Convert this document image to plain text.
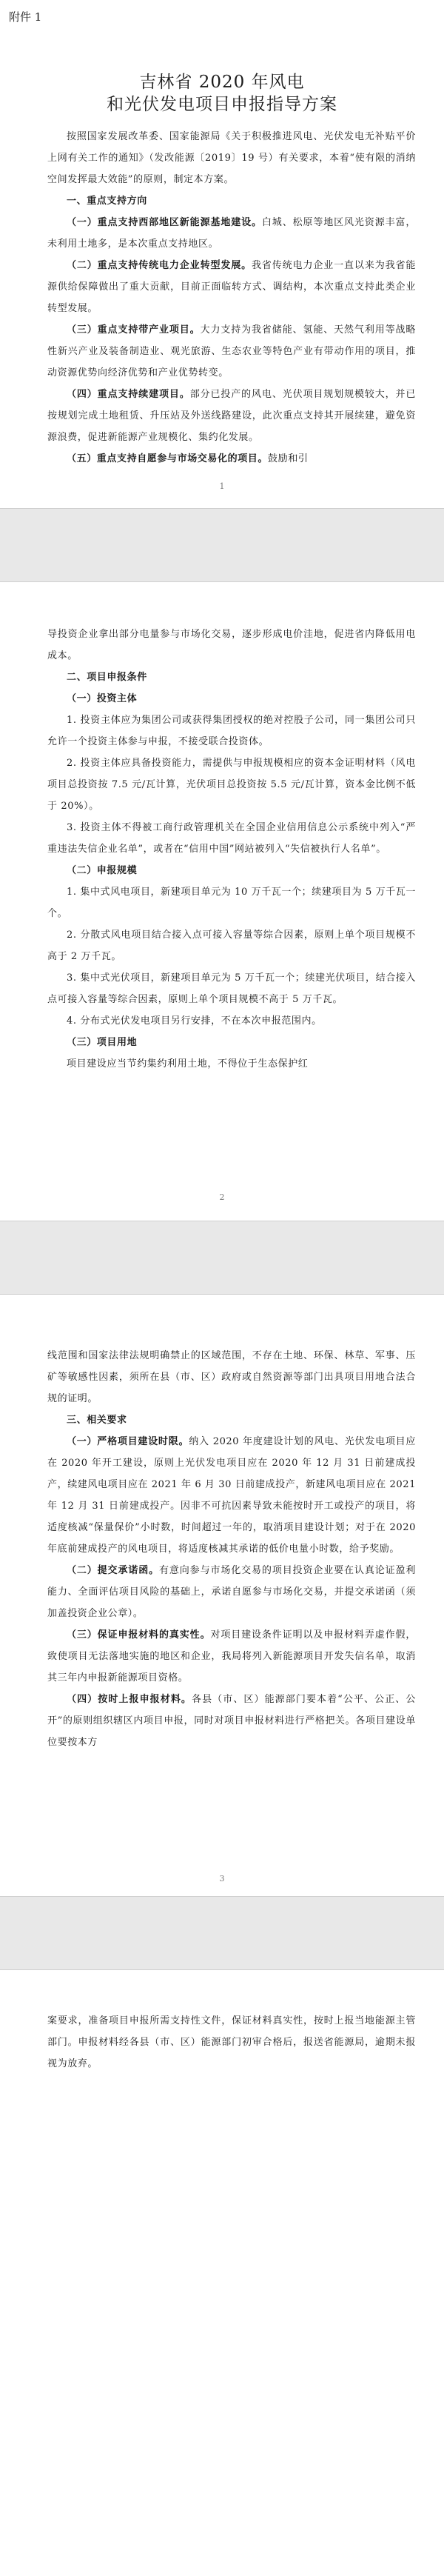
附件 1
吉林省 2020 年风电
和光伏发电项目申报指导方案

按照国家发展改革委、国家能源局《关于积极推进风电、光伏发电无补贴平价上网有关工作的通知》（发改能源〔2019〕19 号）有关要求，本着“使有限的消纳空间发挥最大效能”的原则，制定本方案。

一、重点支持方向

（一）重点支持西部地区新能源基地建设。白城、松原等地区风光资源丰富，未利用土地多，是本次重点支持地区。

（二）重点支持传统电力企业转型发展。我省传统电力企业一直以来为我省能源供给保障做出了重大贡献，目前正面临转方式、调结构，本次重点支持此类企业转型发展。

（三）重点支持带产业项目。大力支持为我省储能、氢能、天然气利用等战略性新兴产业及装备制造业、观光旅游、生态农业等特色产业有带动作用的项目，推动资源优势向经济优势和产业优势转变。

（四）重点支持续建项目。部分已投产的风电、光伏项目规划规模较大，并已按规划完成土地租赁、升压站及外送线路建设，此次重点支持其开展续建，避免资源浪费，促进新能源产业规模化、集约化发展。

（五）重点支持自愿参与市场交易化的项目。鼓励和引

1

导投资企业拿出部分电量参与市场化交易，逐步形成电价洼地，促进省内降低用电成本。

二、项目申报条件

（一）投资主体

1. 投资主体应为集团公司或获得集团授权的绝对控股子公司，同一集团公司只允许一个投资主体参与申报，不接受联合投资体。

2. 投资主体应具备投资能力，需提供与申报规模相应的资本金证明材料（风电项目总投资按 7.5 元/瓦计算，光伏项目总投资按 5.5 元/瓦计算，资本金比例不低于 20%）。

3. 投资主体不得被工商行政管理机关在全国企业信用信息公示系统中列入“严重违法失信企业名单”，或者在“信用中国”网站被列入“失信被执行人名单”。

（二）申报规模

1. 集中式风电项目，新建项目单元为 10 万千瓦一个；续建项目为 5 万千瓦一个。

2. 分散式风电项目结合接入点可接入容量等综合因素，原则上单个项目规模不高于 2 万千瓦。

3. 集中式光伏项目，新建项目单元为 5 万千瓦一个；续建光伏项目，结合接入点可接入容量等综合因素，原则上单个项目规模不高于 5 万千瓦。

4. 分布式光伏发电项目另行安排，不在本次申报范围内。

（三）项目用地

项目建设应当节约集约利用土地，不得位于生态保护红

2

线范围和国家法律法规明确禁止的区域范围，不存在土地、环保、林草、军事、压矿等敏感性因素，须所在县（市、区）政府或自然资源等部门出具项目用地合法合规的证明。

三、相关要求

（一）严格项目建设时限。纳入 2020 年度建设计划的风电、光伏发电项目应在 2020 年开工建设，原则上光伏发电项目应在 2020 年 12 月 31 日前建成投产，续建风电项目应在 2021 年 6 月 30 日前建成投产，新建风电项目应在 2021 年 12 月 31 日前建成投产。因非不可抗因素导致未能按时开工或投产的项目，将适度核减“保量保价”小时数，时间超过一年的，取消项目建设计划；对于在 2020 年底前建成投产的风电项目，将适度核减其承诺的低价电量小时数，给予奖励。

（二）提交承诺函。有意向参与市场化交易的项目投资企业要在认真论证盈利能力、全面评估项目风险的基础上，承诺自愿参与市场化交易，并提交承诺函（须加盖投资企业公章）。

（三）保证申报材料的真实性。对项目建设条件证明以及申报材料弄虚作假，致使项目无法落地实施的地区和企业，我局将列入新能源项目开发失信名单，取消其三年内申报新能源项目资格。

（四）按时上报申报材料。各县（市、区）能源部门要本着“公平、公正、公开”的原则组织辖区内项目申报，同时对项目申报材料进行严格把关。各项目建设单位要按本方

3

案要求，准备项目申报所需支持性文件，保证材料真实性，按时上报当地能源主管部门。申报材料经各县（市、区）能源部门初审合格后，报送省能源局，逾期未报视为放弃。
